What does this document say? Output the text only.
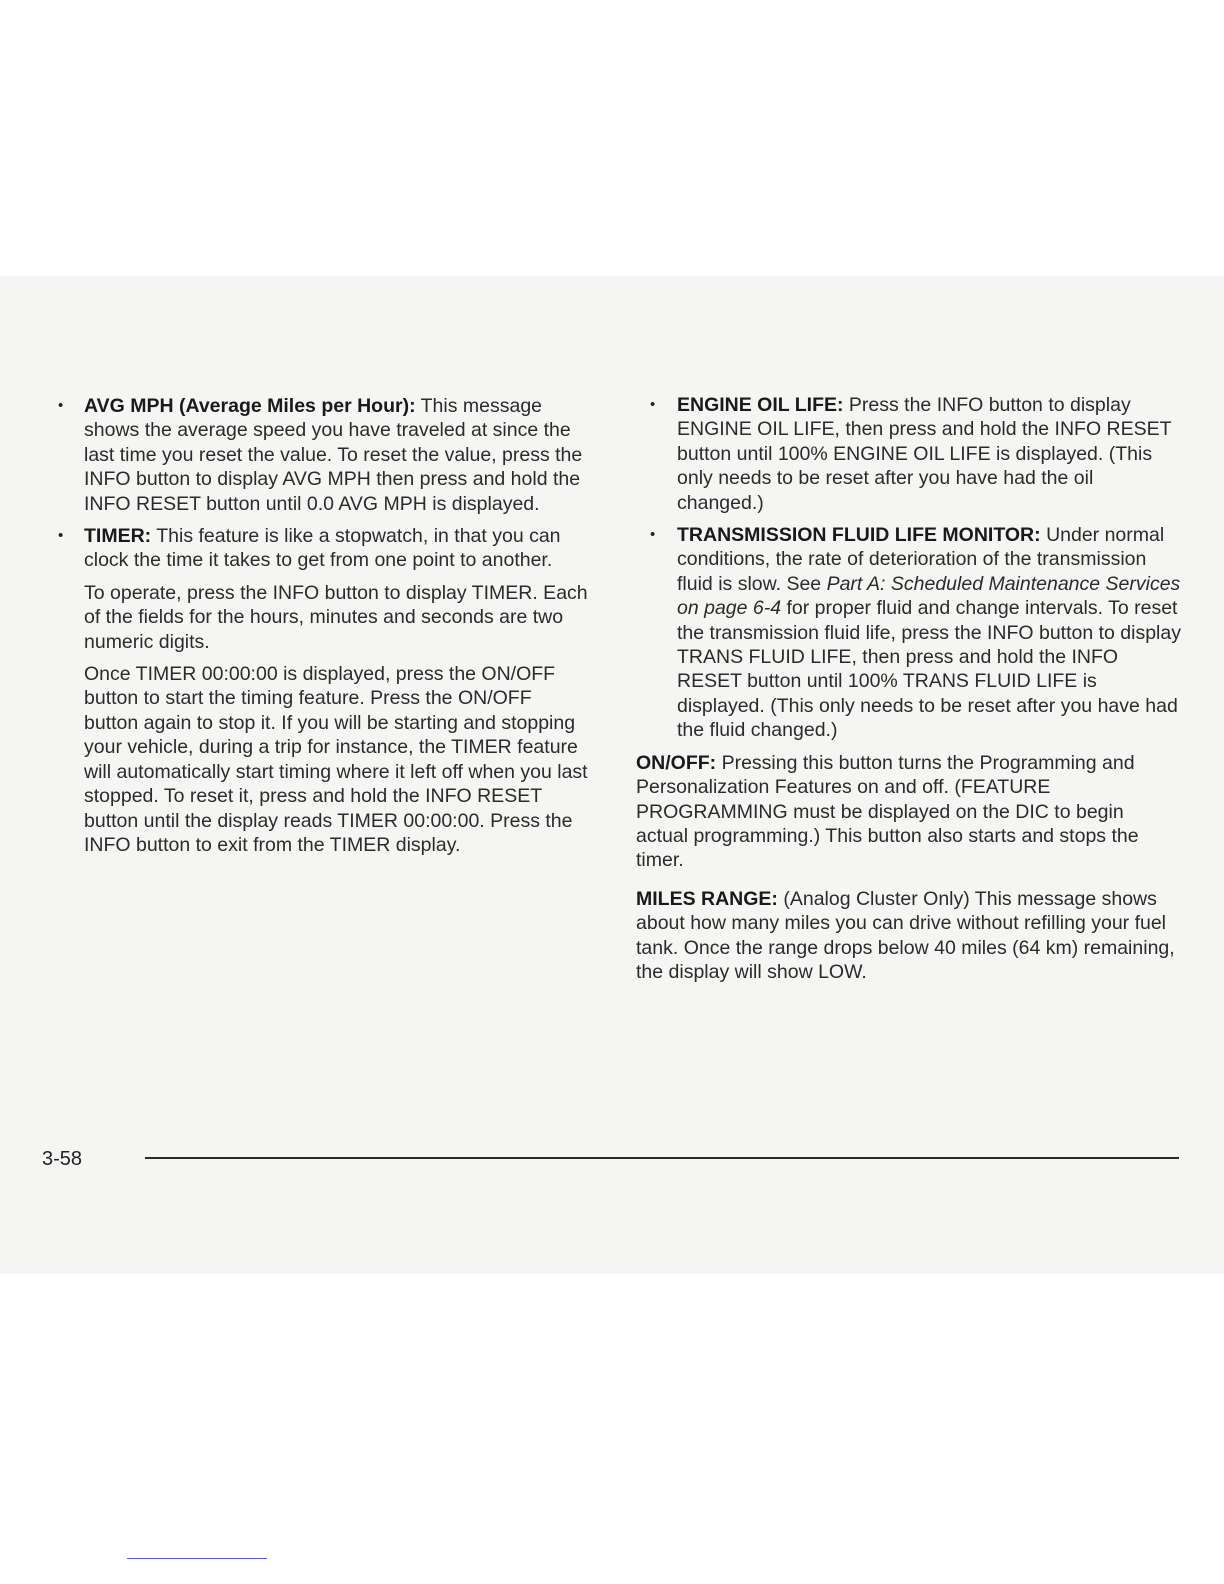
• AVG MPH (Average Miles per Hour): This message shows the average speed you have traveled at since the last time you reset the value. To reset the value, press the INFO button to display AVG MPH then press and hold the INFO RESET button until 0.0 AVG MPH is displayed.
• TIMER: This feature is like a stopwatch, in that you can clock the time it takes to get from one point to another.
To operate, press the INFO button to display TIMER. Each of the fields for the hours, minutes and seconds are two numeric digits.
Once TIMER 00:00:00 is displayed, press the ON/OFF button to start the timing feature. Press the ON/OFF button again to stop it. If you will be starting and stopping your vehicle, during a trip for instance, the TIMER feature will automatically start timing where it left off when you last stopped. To reset it, press and hold the INFO RESET button until the display reads TIMER 00:00:00. Press the INFO button to exit from the TIMER display.
• ENGINE OIL LIFE: Press the INFO button to display ENGINE OIL LIFE, then press and hold the INFO RESET button until 100% ENGINE OIL LIFE is displayed. (This only needs to be reset after you have had the oil changed.)
• TRANSMISSION FLUID LIFE MONITOR: Under normal conditions, the rate of deterioration of the transmission fluid is slow. See Part A: Scheduled Maintenance Services on page 6-4 for proper fluid and change intervals. To reset the transmission fluid life, press the INFO button to display TRANS FLUID LIFE, then press and hold the INFO RESET button until 100% TRANS FLUID LIFE is displayed. (This only needs to be reset after you have had the fluid changed.)
ON/OFF: Pressing this button turns the Programming and Personalization Features on and off. (FEATURE PROGRAMMING must be displayed on the DIC to begin actual programming.) This button also starts and stops the timer.
MILES RANGE: (Analog Cluster Only) This message shows about how many miles you can drive without refilling your fuel tank. Once the range drops below 40 miles (64 km) remaining, the display will show LOW.
3-58
